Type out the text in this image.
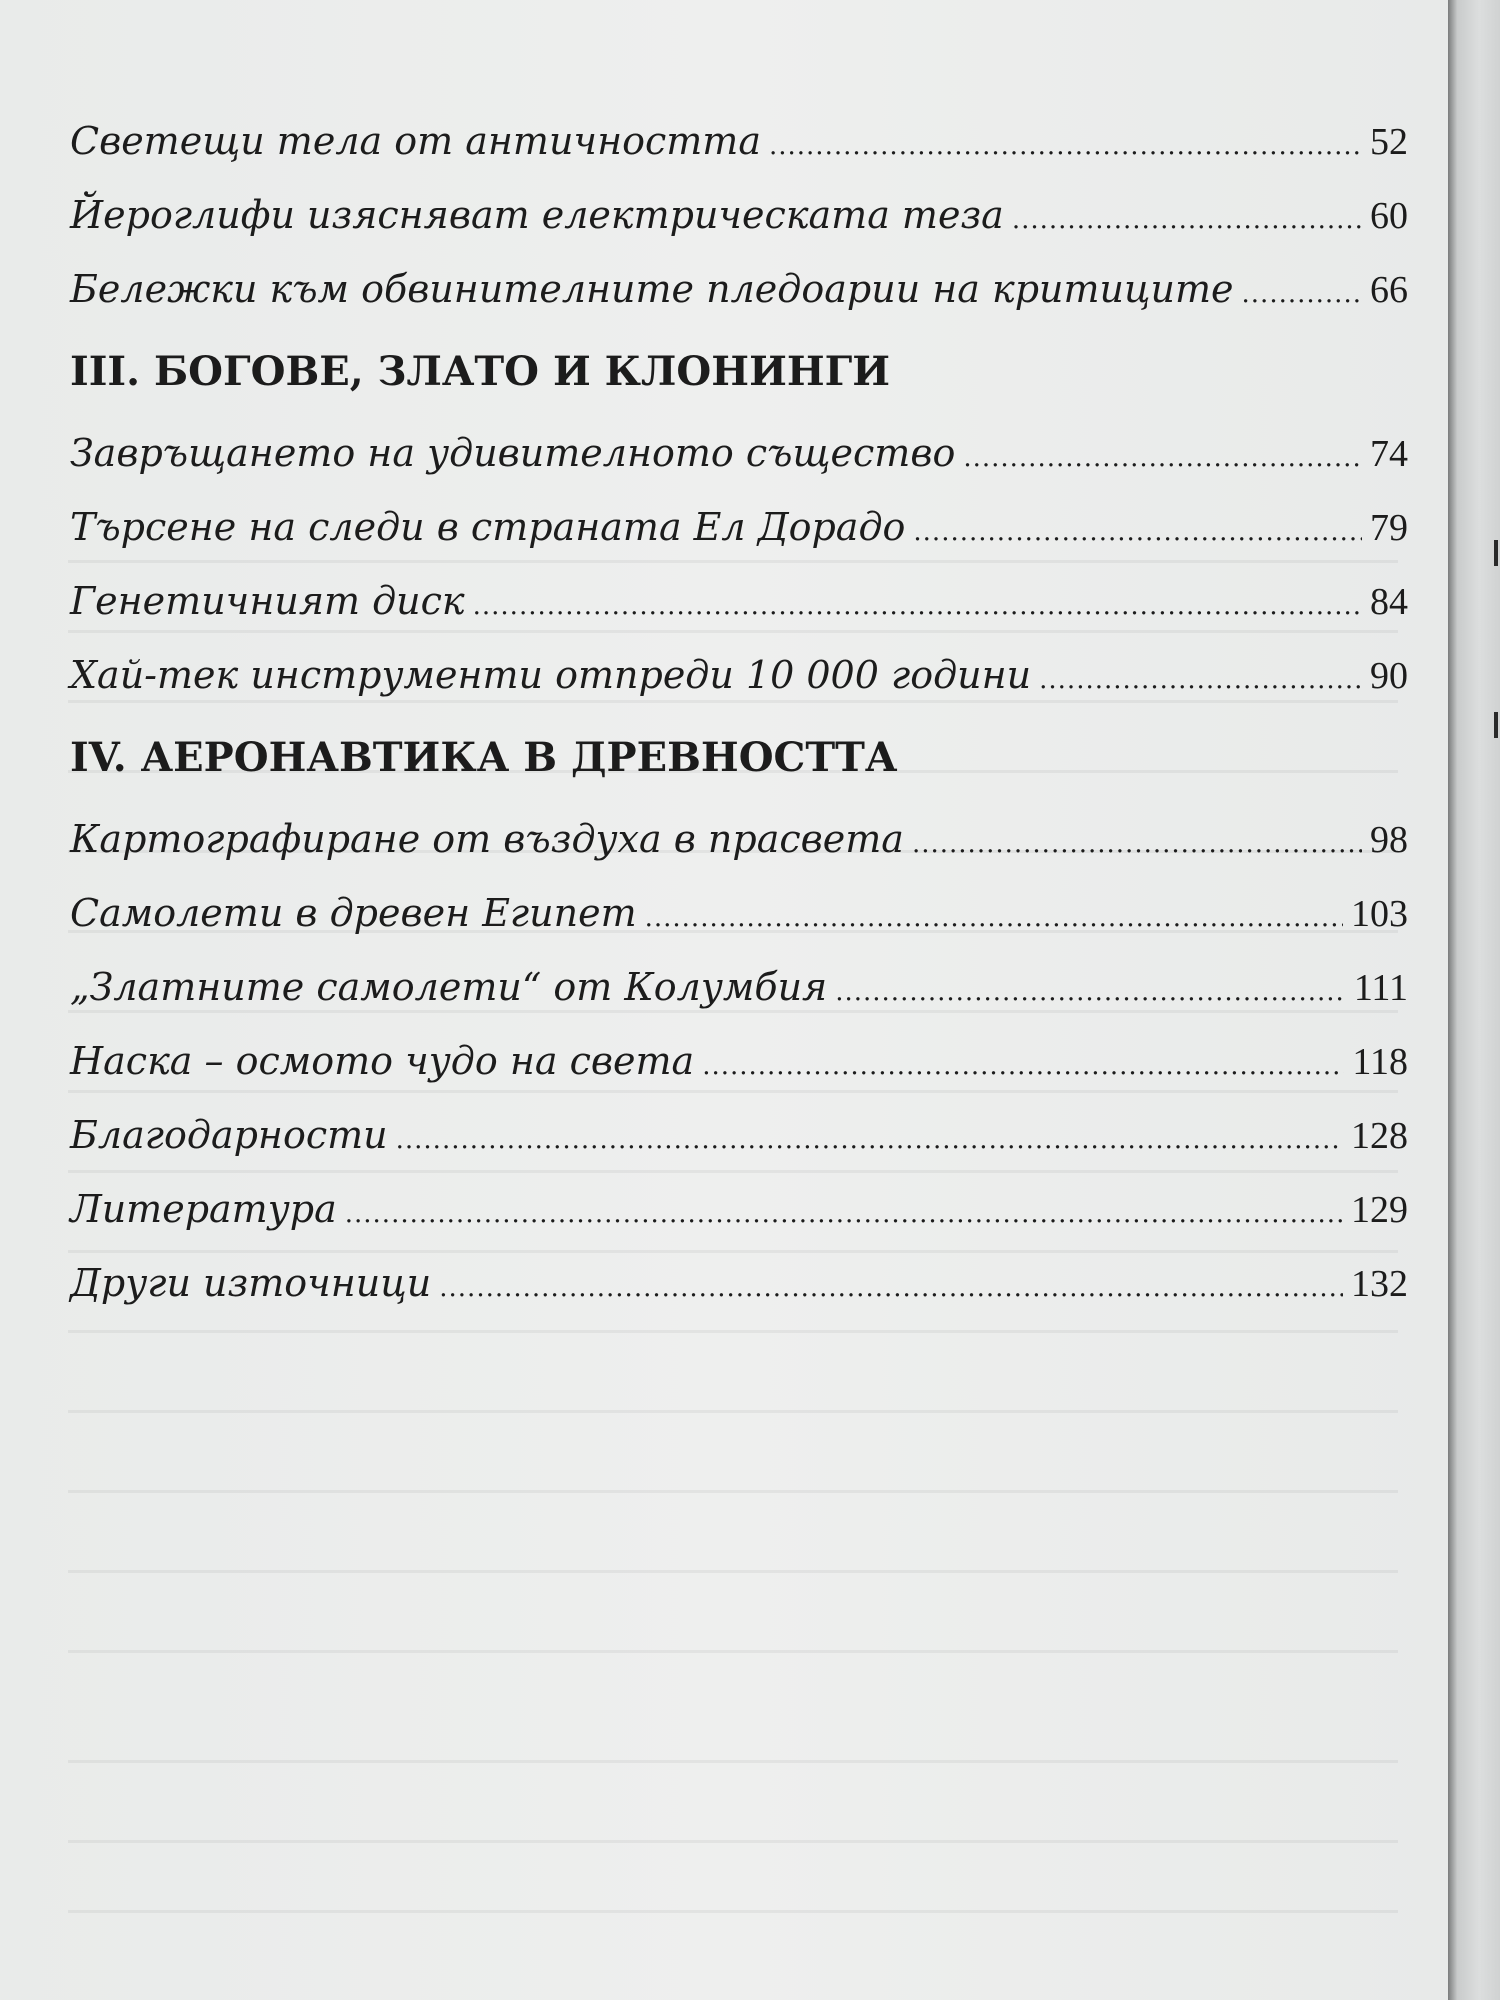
Светещи тела от античността .....	52
Йероглифи изясняват електрическата теза .....	60
Бележки към обвинителните пледоарии на критиците .....	66
III. БОГОВЕ, ЗЛАТО И КЛОНИНГИ
Завръщането на удивителното същество .....	74
Търсене на следи в страната Ел Дорадо .....	79
Генетичният диск .....	84
Хай-тек инструменти отпреди 10 000 години .....	90
IV. АЕРОНАВТИКА В ДРЕВНОСТТА
Картографиране от въздуха в прасвета .....	98
Самолети в древен Египет .....	103
„Златните самолети“ от Колумбия .....	111
Наска – осмото чудо на света .....	118
Благодарности .....	128
Литература .....	129
Други източници .....	132
